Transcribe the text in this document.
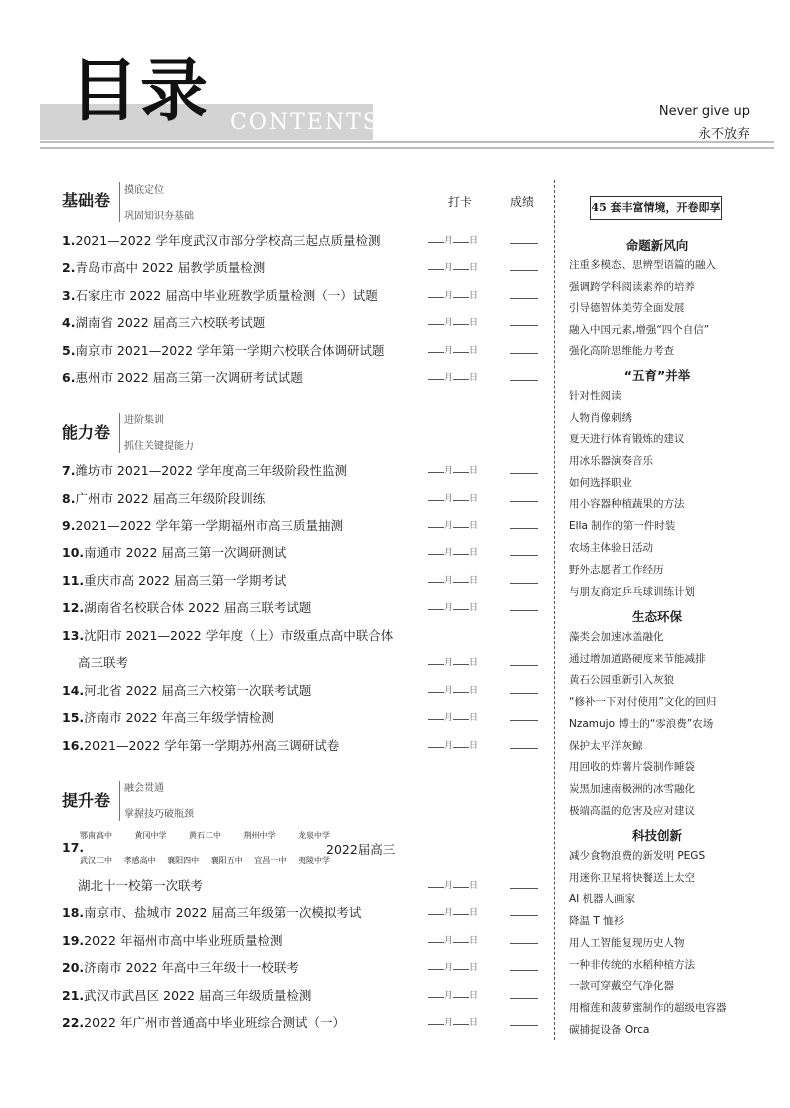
目录 CONTENTS	Never give up
永不放弃
打卡	成绩
基础卷
摸底定位
巩固知识夯基础
1.2021—2022 学年度武汉市部分学校高三起点质量检测	月 日
2.青岛市高中 2022 届教学质量检测	月 日
3.石家庄市 2022 届高中毕业班教学质量检测（一）试题	月 日
4.湖南省 2022 届高三六校联考试题	月 日
5.南京市 2021—2022 学年第一学期六校联合体调研试题	月 日
6.惠州市 2022 届高三第一次调研考试试题	月 日
能力卷
进阶集训
抓住关键提能力
7.潍坊市 2021—2022 学年度高三年级阶段性监测	月 日
8.广州市 2022 届高三年级阶段训练	月 日
9.2021—2022 学年第一学期福州市高三质量抽测	月 日
10.南通市 2022 届高三第一次调研测试	月 日
11.重庆市高 2022 届高三第一学期考试	月 日
12.湖南省名校联合体 2022 届高三联考试题	月 日
13.沈阳市 2021—2022 学年度（上）市级重点高中联合体
高三联考	月 日
14.河北省 2022 届高三六校第一次联考试题	月 日
15.济南市 2022 年高三年级学情检测	月 日
16.2021—2022 学年第一学期苏州高三调研试卷	月 日
提升卷
融会贯通
掌握技巧破瓶颈
17.
鄂南高中	黄冈中学	黄石二中	荆州中学	龙泉中学
武汉二中 孝感高中 襄阳四中 襄阳五中 宜昌一中 夷陵中学
2022届高三
湖北十一校第一次联考	月 日
18.南京市、盐城市 2022 届高三年级第一次模拟考试	月 日
19.2022 年福州市高中毕业班质量检测	月 日
20.济南市 2022 年高中三年级十一校联考	月 日
21.武汉市武昌区 2022 届高三年级质量检测	月 日
22.2022 年广州市普通高中毕业班综合测试（一）	月 日
45 套丰富情境，开卷即享
命题新风向
注重多模态、思辨型语篇的融入
强调跨学科阅读素养的培养
引导德智体美劳全面发展
融入中国元素,增强“四个自信”
强化高阶思维能力考查
“五育”并举
针对性阅读
人物肖像刺绣
夏天进行体育锻炼的建议
用冰乐器演奏音乐
如何选择职业
用小容器种植蔬果的方法
Ella 制作的第一件时装
农场主体验日活动
野外志愿者工作经历
与朋友商定乒乓球训练计划
生态环保
藻类会加速冰盖融化
通过增加道路硬度来节能减排
黄石公园重新引入灰狼
“修补一下对付使用”文化的回归
Nzamujo 博士的“零浪费”农场
保护太平洋灰鲸
用回收的炸薯片袋制作睡袋
炭黑加速南极洲的冰雪融化
极端高温的危害及应对建议
科技创新
减少食物浪费的新发明 PEGS
用迷你卫星将快餐送上太空
AI 机器人画家
降温 T 恤衫
用人工智能复现历史人物
一种非传统的水稻种植方法
一款可穿戴空气净化器
用榴莲和菠萝蜜制作的超级电容器
碳捕捉设备 Orca
